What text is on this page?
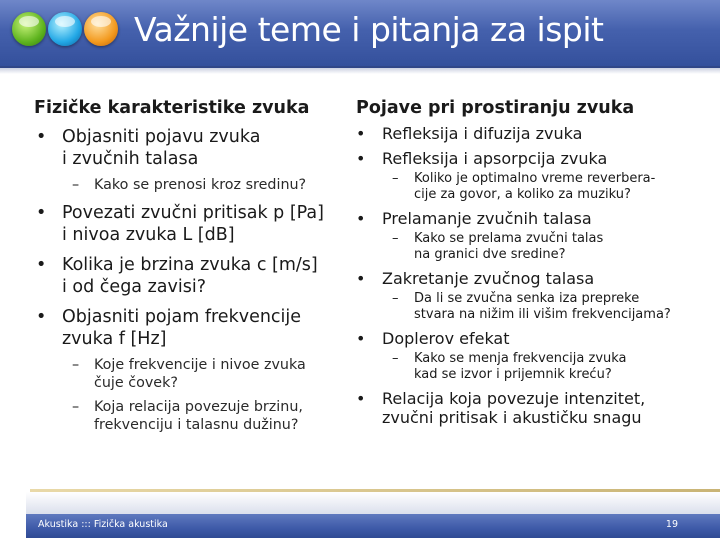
Važnije teme i pitanja za ispit
Fizičke karakteristike zvuka
• Objasniti pojavu zvuka
i zvučnih talasa
– Kako se prenosi kroz sredinu?
• Povezati zvučni pritisak p [Pa]
i nivoa zvuka L [dB]
• Kolika je brzina zvuka c [m/s]
i od čega zavisi?
• Objasniti pojam frekvencije
zvuka f [Hz]
– Koje frekvencije i nivoe zvuka
čuje čovek?
– Koja relacija povezuje brzinu,
frekvenciju i talasnu dužinu?
Pojave pri prostiranju zvuka
• Refleksija i difuzija zvuka
• Refleksija i apsorpcija zvuka
– Koliko je optimalno vreme reverbera-
cije za govor, a koliko za muziku?
• Prelamanje zvučnih talasa
– Kako se prelama zvučni talas
na granici dve sredine?
• Zakretanje zvučnog talasa
– Da li se zvučna senka iza prepreke
stvara na nižim ili višim frekvencijama?
• Doplerov efekat
– Kako se menja frekvencija zvuka
kad se izvor i prijemnik kreću?
• Relacija koja povezuje intenzitet,
zvučni pritisak i akustičku snagu
Akustika ::: Fizička akustika	19
